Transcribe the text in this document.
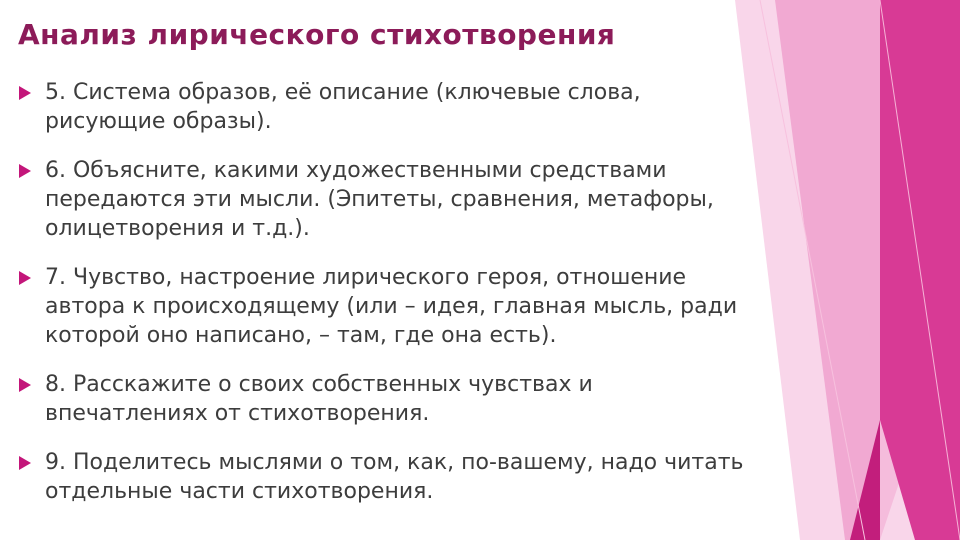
Анализ лирического стихотворения
5. Система образов, её описание (ключевые слова, рисующие образы).
6. Объясните, какими художественными средствами передаются эти мысли. (Эпитеты, сравнения, метафоры, олицетворения и т.д.).
7. Чувство, настроение лирического героя, отношение автора к происходящему (или – идея, главная мысль, ради которой оно написано, – там, где она есть).
8. Расскажите о своих собственных чувствах и впечатлениях от стихотворения.
9. Поделитесь мыслями о том, как, по-вашему, надо читать отдельные части стихотворения.
